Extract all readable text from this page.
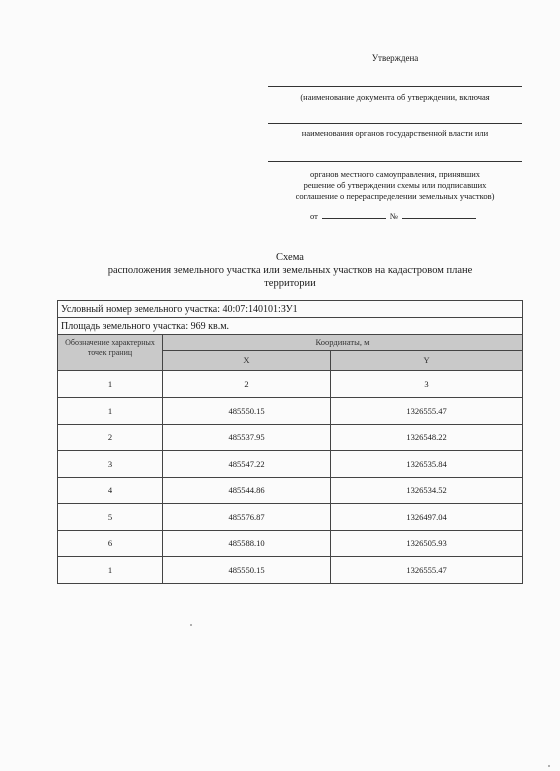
Утверждена
(наименование документа об утверждении, включая
наименования органов государственной власти или
органов местного самоуправления, принявших
решение об утверждении схемы или подписавших
соглашение о перераспределении земельных участков)
от	№
Схема
расположения земельного участка или земельных участков на кадастровом плане
территории
Условный номер земельного участка: 40:07:140101:ЗУ1		
Площадь земельного участка: 969 кв.м.		
Обозначение характерных точек границ	Координаты, м	
	X	Y
1	2	3
1	485550.15	1326555.47
2	485537.95	1326548.22
3	485547.22	1326535.84
4	485544.86	1326534.52
5	485576.87	1326497.04
6	485588.10	1326505.93
1	485550.15	1326555.47
